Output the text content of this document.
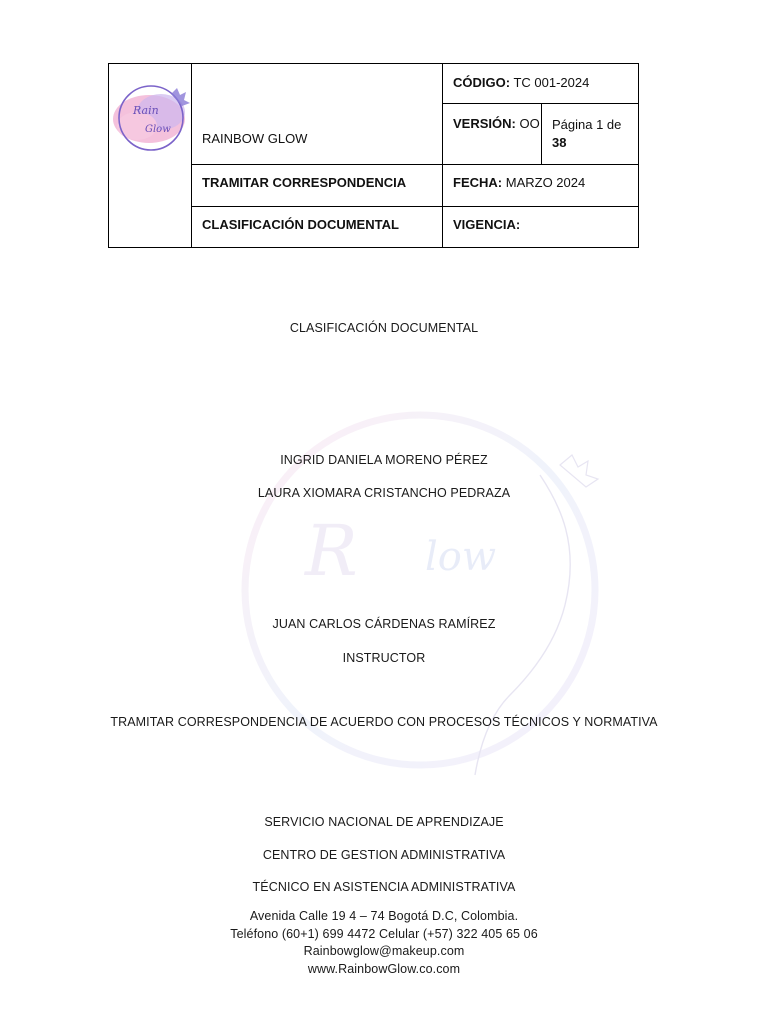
R low
Rain
Glow
RAINBOW GLOW
CÓDIGO: TC 001-2024
VERSIÓN: OO Página 1 de
38
TRAMITAR CORRESPONDENCIA	FECHA: MARZO 2024
CLASIFICACIÓN DOCUMENTAL	VIGENCIA:
CLASIFICACIÓN DOCUMENTAL
INGRID DANIELA MORENO PÉREZ
LAURA XIOMARA CRISTANCHO PEDRAZA
JUAN CARLOS CÁRDENAS RAMÍREZ
INSTRUCTOR
TRAMITAR CORRESPONDENCIA DE ACUERDO CON PROCESOS TÉCNICOS Y NORMATIVA
SERVICIO NACIONAL DE APRENDIZAJE
CENTRO DE GESTION ADMINISTRATIVA
TÉCNICO EN ASISTENCIA ADMINISTRATIVA
Avenida Calle 19 4 – 74 Bogotá D.C, Colombia.
Teléfono (60+1) 699 4472 Celular (+57) 322 405 65 06
Rainbowglow@makeup.com
www.RainbowGlow.co.com
